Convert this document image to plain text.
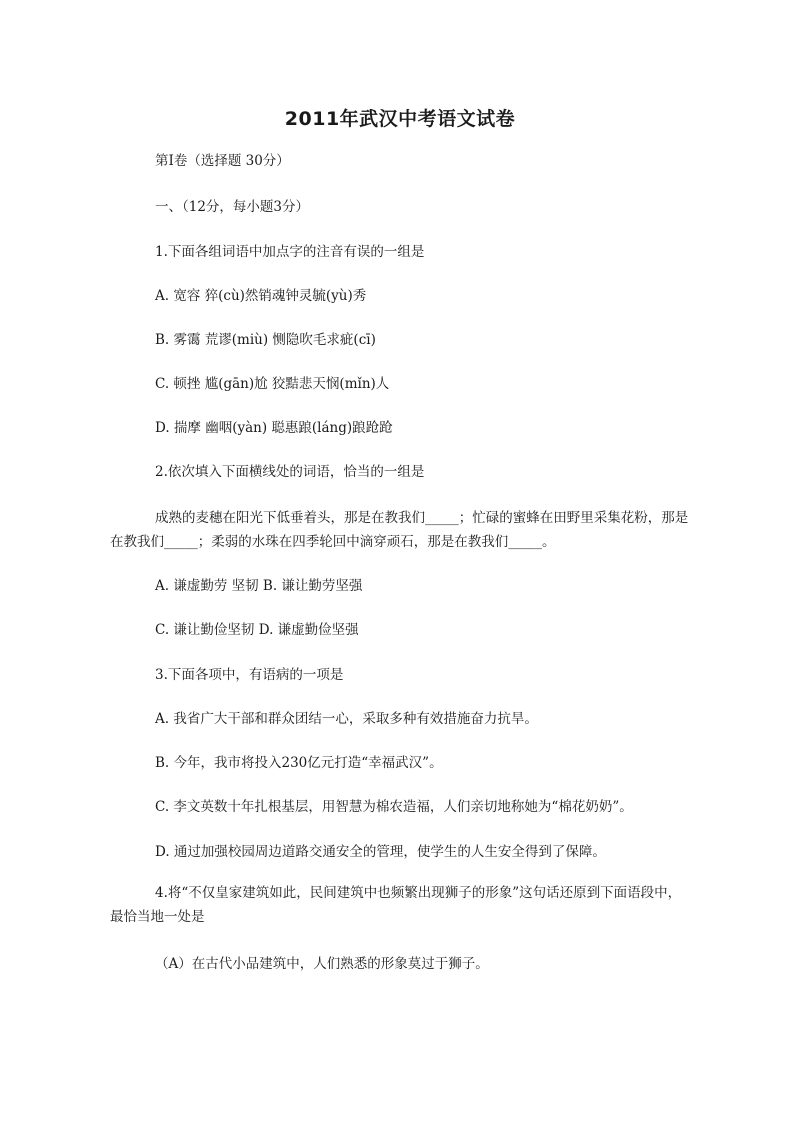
2011年武汉中考语文试卷

第Ⅰ卷（选择题 30分）

一、（12分，每小题3分）

1.下面各组词语中加点字的注音有误的一组是

A. 宽容 猝(cù)然销魂钟灵毓(yù)秀

B. 雾霭 荒谬(miù) 恻隐吹毛求疵(cī)

C. 顿挫 尴(gān)尬 狡黠悲天悯(mǐn)人

D. 揣摩 幽咽(yàn) 聪惠踉(láng)踉跄跄

2.依次填入下面横线处的词语，恰当的一组是

成熟的麦穗在阳光下低垂着头，那是在教我们_____；忙碌的蜜蜂在田野里采集花粉，那是在教我们_____；柔弱的水珠在四季轮回中滴穿顽石，那是在教我们_____。

A. 谦虚勤劳 坚韧 B. 谦让勤劳坚强

C. 谦让勤俭坚韧 D. 谦虚勤俭坚强

3.下面各项中，有语病的一项是

A. 我省广大干部和群众团结一心，采取多种有效措施奋力抗旱。

B. 今年，我市将投入230亿元打造“幸福武汉”。

C. 李文英数十年扎根基层，用智慧为棉农造福，人们亲切地称她为“棉花奶奶”。

D. 通过加强校园周边道路交通安全的管理，使学生的人生安全得到了保障。

4.将“不仅皇家建筑如此，民间建筑中也频繁出现狮子的形象”这句话还原到下面语段中，最恰当地一处是

（A）在古代小品建筑中，人们熟悉的形象莫过于狮子。
